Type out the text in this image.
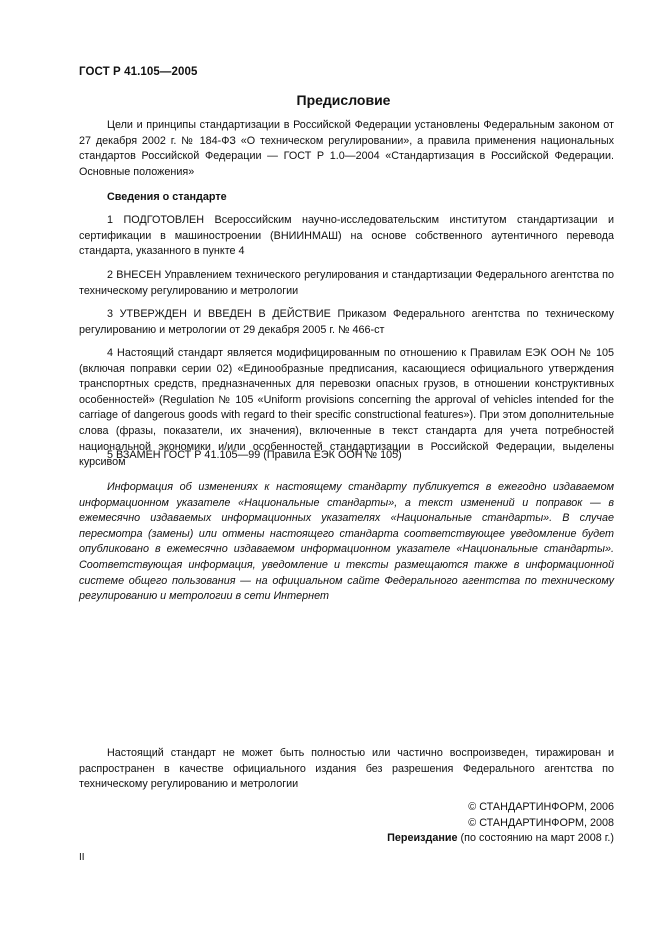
ГОСТ Р 41.105—2005
Предисловие

Цели и принципы стандартизации в Российской Федерации установлены Федеральным законом от 27 декабря 2002 г. № 184-ФЗ «О техническом регулировании», а правила применения национальных стандартов Российской Федерации — ГОСТ Р 1.0—2004 «Стандартизация в Российской Федерации. Основные положения»

Сведения о стандарте

1 ПОДГОТОВЛЕН Всероссийским научно-исследовательским институтом стандартизации и сертификации в машиностроении (ВНИИНМАШ) на основе собственного аутентичного перевода стандарта, указанного в пункте 4

2 ВНЕСЕН Управлением технического регулирования и стандартизации Федерального агентства по техническому регулированию и метрологии

3 УТВЕРЖДЕН И ВВЕДЕН В ДЕЙСТВИЕ Приказом Федерального агентства по техническому регулированию и метрологии от 29 декабря 2005 г. № 466-ст

4 Настоящий стандарт является модифицированным по отношению к Правилам ЕЭК ООН № 105 (включая поправки серии 02) «Единообразные предписания, касающиеся официального утверждения транспортных средств, предназначенных для перевозки опасных грузов, в отношении конструктивных особенностей» (Regulation № 105 «Uniform provisions concerning the approval of vehicles intended for the carriage of dangerous goods with regard to their specific constructional features»). При этом дополнительные слова (фразы, показатели, их значения), включенные в текст стандарта для учета потребностей национальной экономики и/или особенностей стандартизации в Российской Федерации, выделены курсивом

5 ВЗАМЕН ГОСТ Р 41.105—99 (Правила ЕЭК ООН № 105)

Информация об изменениях к настоящему стандарту публикуется в ежегодно издаваемом информационном указателе «Национальные стандарты», а текст изменений и поправок — в ежемесячно издаваемых информационных указателях «Национальные стандарты». В случае пересмотра (замены) или отмены настоящего стандарта соответствующее уведомление будет опубликовано в ежемесячно издаваемом информационном указателе «Национальные стандарты». Соответствующая информация, уведомление и тексты размещаются также в информационной системе общего пользования — на официальном сайте Федерального агентства по техническому регулированию и метрологии в сети Интернет

Настоящий стандарт не может быть полностью или частично воспроизведен, тиражирован и распространен в качестве официального издания без разрешения Федерального агентства по техническому регулированию и метрологии

© СТАНДАРТИНФОРМ, 2006
© СТАНДАРТИНФОРМ, 2008
Переиздание (по состоянию на март 2008 г.)
II
